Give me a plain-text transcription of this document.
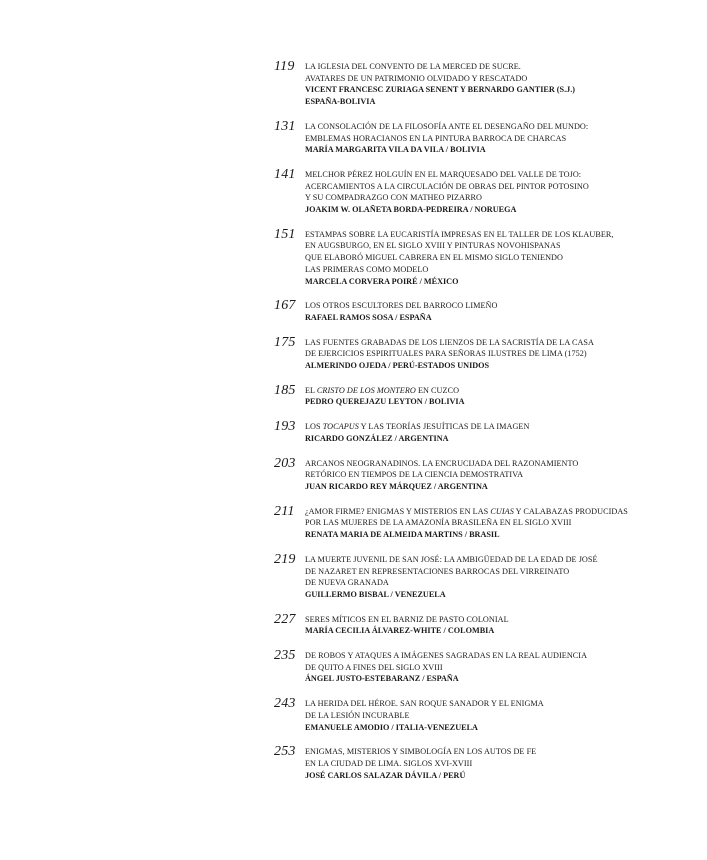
119 LA IGLESIA DEL CONVENTO DE LA MERCED DE SUCRE.
AVATARES DE UN PATRIMONIO OLVIDADO Y RESCATADO
VICENT FRANCESC ZURIAGA SENENT Y BERNARDO GANTIER (S.J.)
ESPAÑA-BOLIVIA
131 LA CONSOLACIÓN DE LA FILOSOFÍA ANTE EL DESENGAÑO DEL MUNDO:
EMBLEMAS HORACIANOS EN LA PINTURA BARROCA DE CHARCAS
MARÍA MARGARITA VILA DA VILA / BOLIVIA
141 MELCHOR PÉREZ HOLGUÍN EN EL MARQUESADO DEL VALLE DE TOJO:
ACERCAMIENTOS A LA CIRCULACIÓN DE OBRAS DEL PINTOR POTOSINO
Y SU COMPADRAZGO CON MATHEO PIZARRO
JOAKIM W. OLAÑETA BORDA-PEDREIRA / NORUEGA
151 ESTAMPAS SOBRE LA EUCARISTÍA IMPRESAS EN EL TALLER DE LOS KLAUBER,
EN AUGSBURGO, EN EL SIGLO XVIII Y PINTURAS NOVOHISPANAS
QUE ELABORÓ MIGUEL CABRERA EN EL MISMO SIGLO TENIENDO
LAS PRIMERAS COMO MODELO
MARCELA CORVERA POIRÉ / MÉXICO
167 LOS OTROS ESCULTORES DEL BARROCO LIMEÑO
RAFAEL RAMOS SOSA / ESPAÑA
175 LAS FUENTES GRABADAS DE LOS LIENZOS DE LA SACRISTÍA DE LA CASA
DE EJERCICIOS ESPIRITUALES PARA SEÑORAS ILUSTRES DE LIMA (1752)
ALMERINDO OJEDA / PERÚ-ESTADOS UNIDOS
185 EL CRISTO DE LOS MONTERO EN CUZCO
PEDRO QUEREJAZU LEYTON / BOLIVIA
193 LOS TOCAPUS Y LAS TEORÍAS JESUÍTICAS DE LA IMAGEN
RICARDO GONZÁLEZ / ARGENTINA
203 ARCANOS NEOGRANADINOS. LA ENCRUCIJADA DEL RAZONAMIENTO
RETÓRICO EN TIEMPOS DE LA CIENCIA DEMOSTRATIVA
JUAN RICARDO REY MÁRQUEZ / ARGENTINA
211 ¿AMOR FIRME? ENIGMAS Y MISTERIOS EN LAS CUIAS Y CALABAZAS PRODUCIDAS
POR LAS MUJERES DE LA AMAZONÍA BRASILEÑA EN EL SIGLO XVIII
RENATA MARIA DE ALMEIDA MARTINS / BRASIL
219 LA MUERTE JUVENIL DE SAN JOSÉ: LA AMBIGÜEDAD DE LA EDAD DE JOSÉ
DE NAZARET EN REPRESENTACIONES BARROCAS DEL VIRREINATO
DE NUEVA GRANADA
GUILLERMO BISBAL / VENEZUELA
227 SERES MÍTICOS EN EL BARNIZ DE PASTO COLONIAL
MARÍA CECILIA ÁLVAREZ-WHITE / COLOMBIA
235 DE ROBOS Y ATAQUES A IMÁGENES SAGRADAS EN LA REAL AUDIENCIA
DE QUITO A FINES DEL SIGLO XVIII
ÁNGEL JUSTO-ESTEBARANZ / ESPAÑA
243 LA HERIDA DEL HÉROE. SAN ROQUE SANADOR Y EL ENIGMA
DE LA LESIÓN INCURABLE
EMANUELE AMODIO / ITALIA-VENEZUELA
253 ENIGMAS, MISTERIOS Y SIMBOLOGÍA EN LOS AUTOS DE FE
EN LA CIUDAD DE LIMA. SIGLOS XVI-XVIII
JOSÉ CARLOS SALAZAR DÁVILA / PERÚ
